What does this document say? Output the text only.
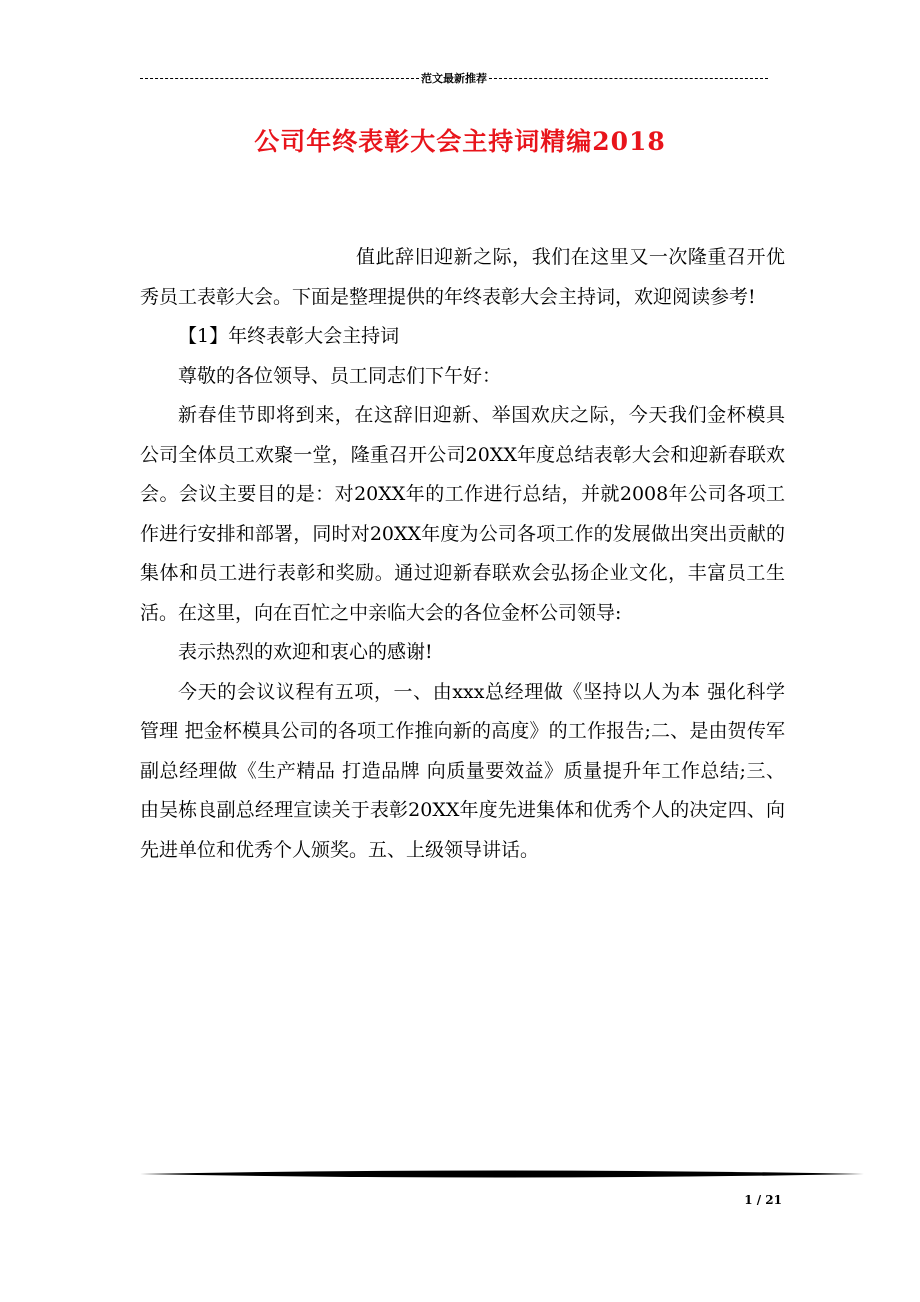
范文最新推荐
公司年终表彰大会主持词精编2018

值此辞旧迎新之际，我们在这里又一次隆重召开优秀员工表彰大会。下面是整理提供的年终表彰大会主持词，欢迎阅读参考!

【1】年终表彰大会主持词

尊敬的各位领导、员工同志们下午好：

新春佳节即将到来，在这辞旧迎新、举国欢庆之际，今天我们金杯模具公司全体员工欢聚一堂，隆重召开公司20XX年度总结表彰大会和迎新春联欢会。会议主要目的是：对20XX年的工作进行总结，并就2008年公司各项工作进行安排和部署，同时对20XX年度为公司各项工作的发展做出突出贡献的集体和员工进行表彰和奖励。通过迎新春联欢会弘扬企业文化，丰富员工生活。在这里，向在百忙之中亲临大会的各位金杯公司领导:

表示热烈的欢迎和衷心的感谢!

今天的会议议程有五项，一、由xxx总经理做《坚持以人为本 强化科学管理 把金杯模具公司的各项工作推向新的高度》的工作报告;二、是由贺传军副总经理做《生产精品 打造品牌 向质量要效益》质量提升年工作总结;三、由吴栋良副总经理宣读关于表彰20XX年度先进集体和优秀个人的决定四、向先进单位和优秀个人颁奖。五、上级领导讲话。

1 / 21
